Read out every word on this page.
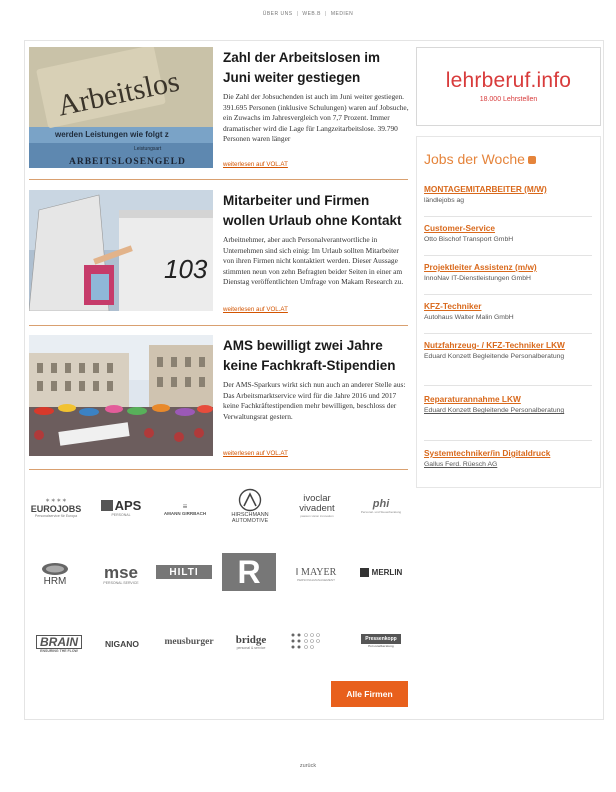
ÜBER UNS | WEB.B | MEDIEN
Arbeitslos
werden Leistungen wie folgt z
Leistungsart
ARBEITSLOSENGELD
Zahl der Arbeitslosen im Juni weiter gestiegen
Die Zahl der Jobsuchenden ist auch im Juni weiter gestiegen. 391.695 Personen (inklusive Schulungen) waren auf Jobsuche, ein Zuwachs im Jahresvergleich von 7,7 Prozent. Immer dramatischer wird die Lage für Langzeitarbeitslose. 39.790 Personen waren länger
weiterlesen auf VOL.AT
103
Mitarbeiter und Firmen wollen Urlaub ohne Kontakt
Arbeitnehmer, aber auch Personalverantwortliche in Unternehmen sind sich einig: Im Urlaub sollten Mitarbeiter von ihren Firmen nicht kontaktiert werden. Dieser Aussage stimmten neun von zehn Befragten beider Seiten in einer am Dienstag veröffentlichten Umfrage von Makam Research zu.
weiterlesen auf VOL.AT
AMS bewilligt zwei Jahre keine Fachkraft-Stipendien
Der AMS-Sparkurs wirkt sich nun auch an anderer Stelle aus: Das Arbeitsmarktservice wird für die Jahre 2016 und 2017 keine Fachkräftestipendien mehr bewilligen, beschloss der Verwaltungsrat gestern.
weiterlesen auf VOL.AT
lehrberuf.info
18.000 Lehrstellen
Jobs der Woche
MONTAGEMITARBEITER (M/W)
ländlejobs ag
Customer-Service
Otto Bischof Transport GmbH
Projektleiter Assistenz (m/w)
InnoNav IT-Dienstleistungen GmbH
KFZ-Techniker
Autohaus Walter Malin GmbH
Nutzfahrzeug- / KFZ-Techniker LKW
Eduard Konzett Begleitende Personalberatung
Reparaturannahme LKW
Eduard Konzett Begleitende Personalberatung
Systemtechniker/in Digitaldruck
Gallus Ferd. Rüesch AG
✶ ✶ ✶ ✶
EUROJOBS
Personalservice für Europa
APS
PERSONAL
≡
AMANN GIRRBACH	HIRSCHMANN AUTOMOTIVE
ivoclar vivadent
passion vision innovation
phi
Personal- und Steuerberatung
HRM mse
PERSONAL SERVICE
HILTI R	ǁ MAYER
PERSONALMANAGEMENT
MERLIN
BRAIN
ENSURING THE FLOW
NIGANO	meusburger bridge
personal & service
Pressenkopp
Personalberatung
Alle Firmen
zurück
